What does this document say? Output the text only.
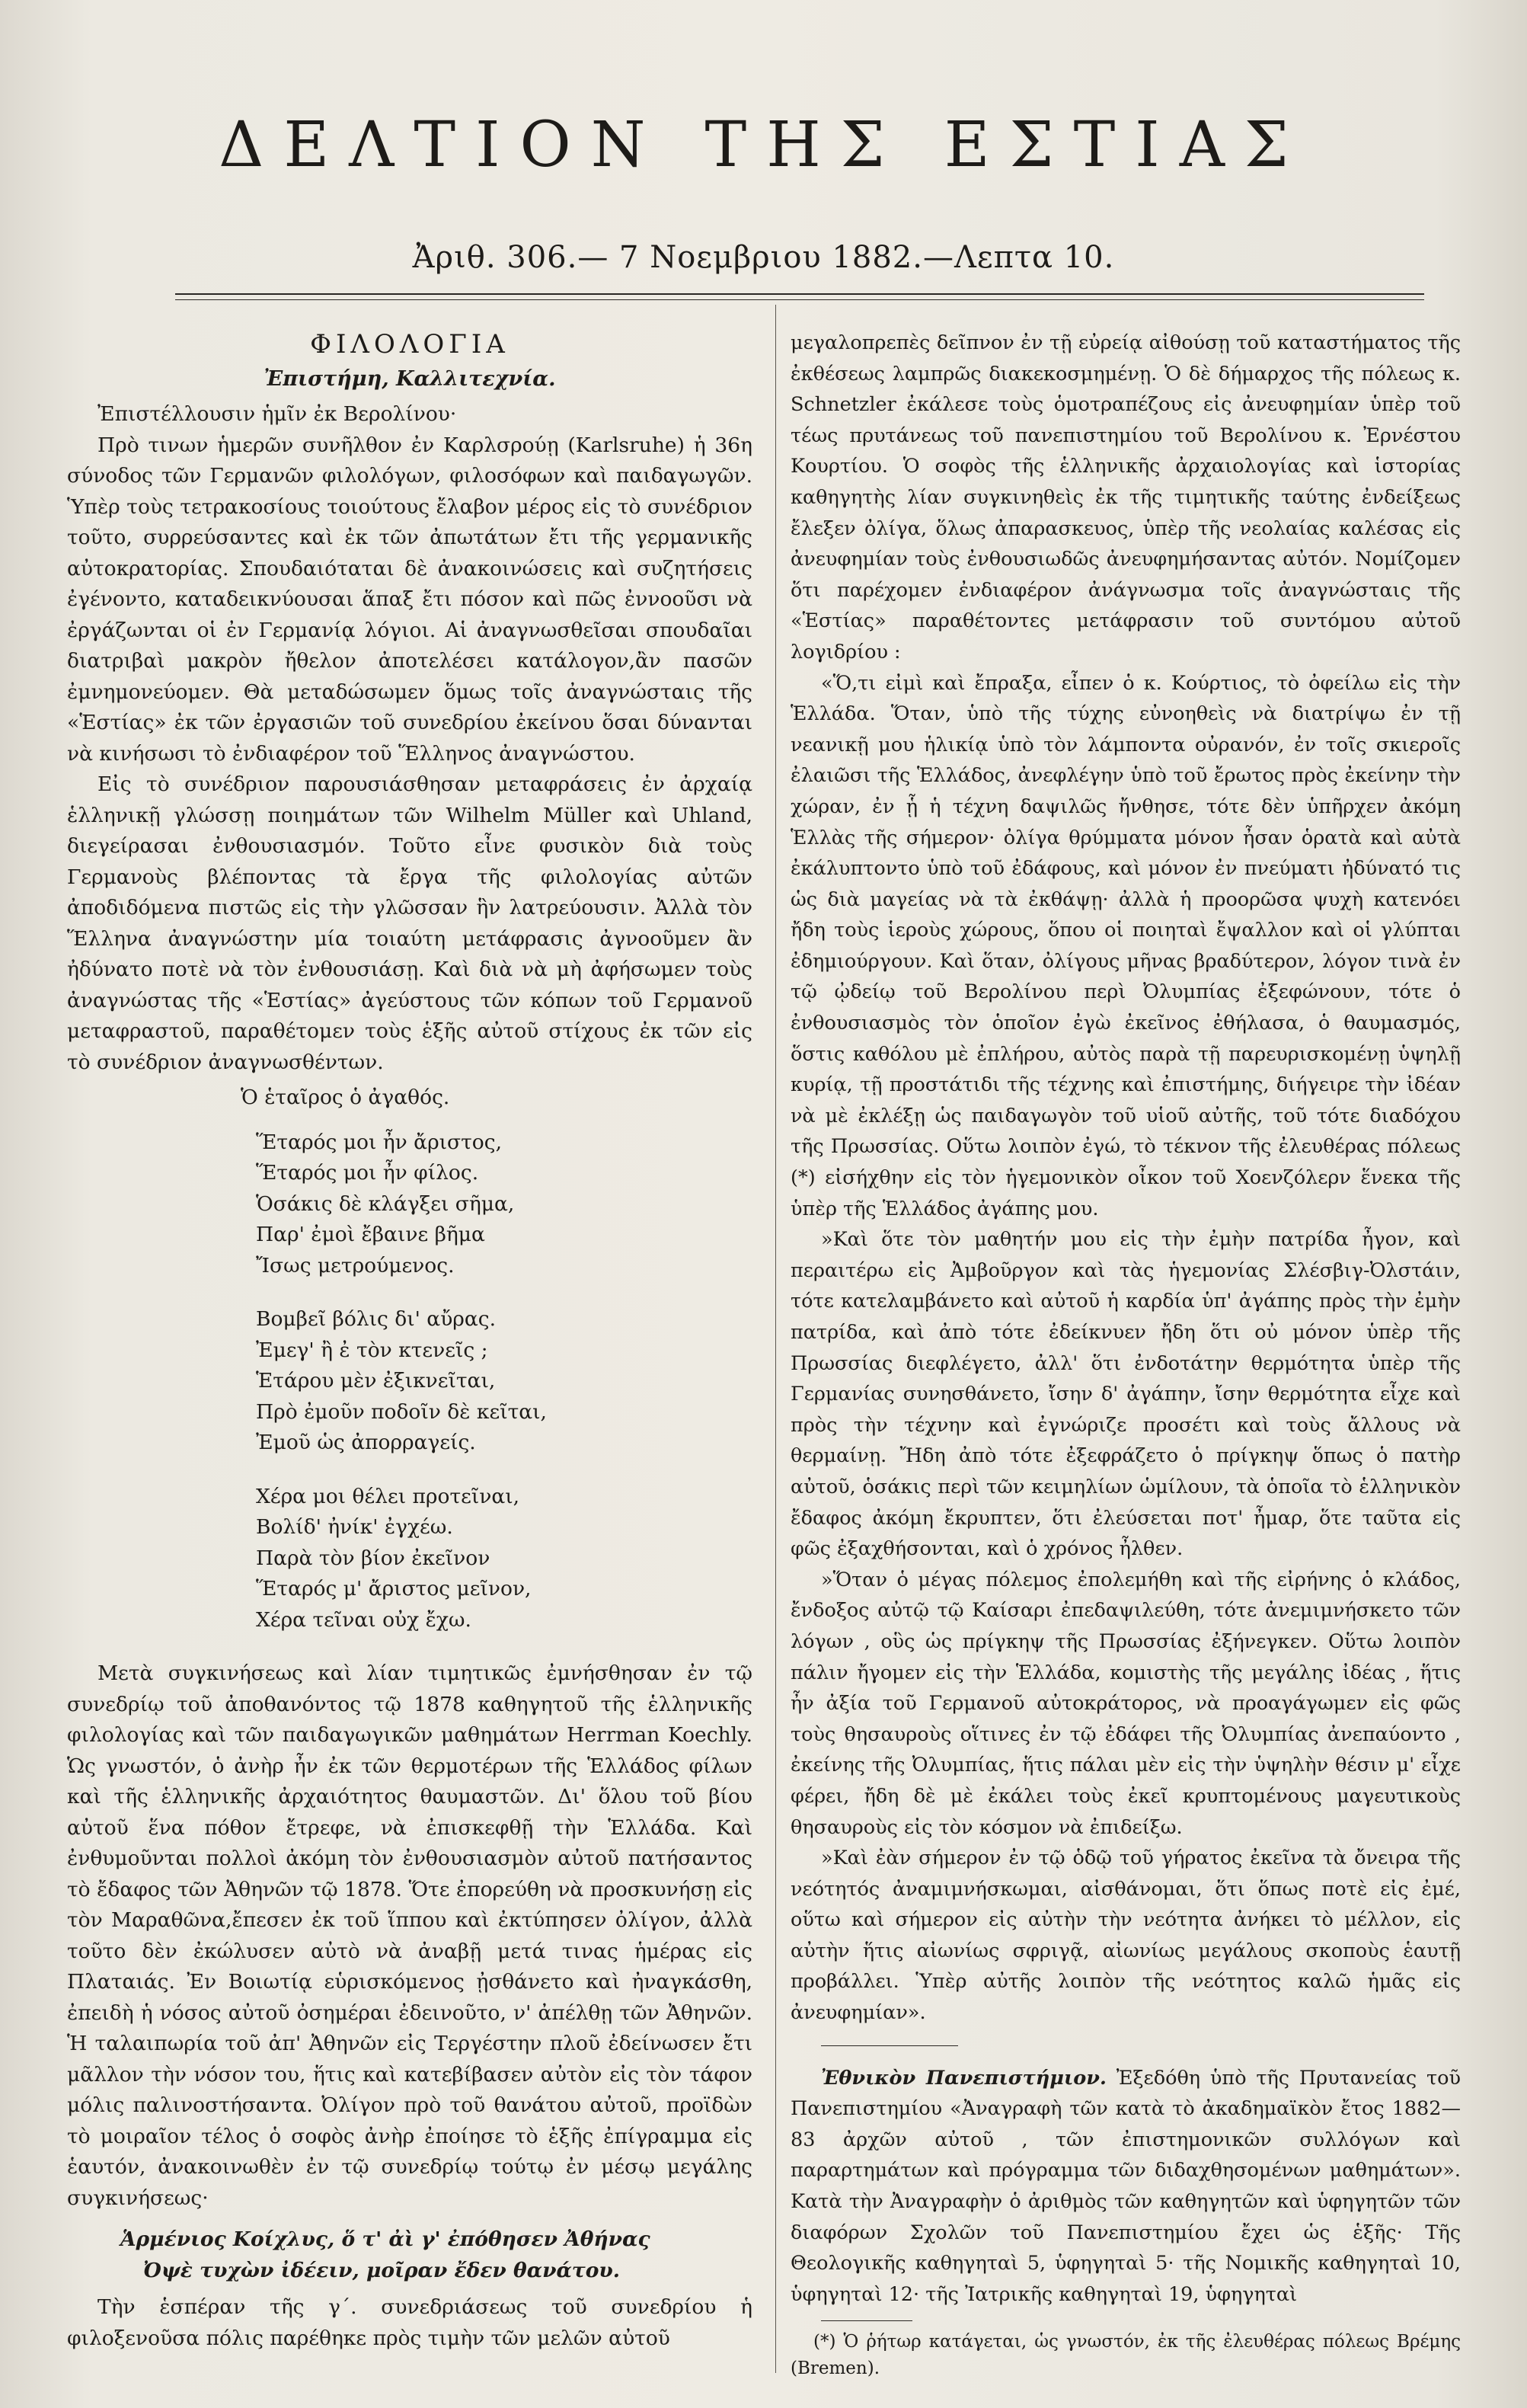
ΔΕΛΤΙΟΝ ΤΗΣ ΕΣΤΙΑΣ
Ἀριθ. 306.— 7 Νοεμβριου 1882.—Λεπτα 10.
ΦΙΛΟΛΟΓΙΑ
Ἐπιστήμη, Καλλιτεχνία.

Ἐπιστέλλουσιν ἡμῖν ἐκ Βερολίνου·

Πρὸ τινων ἡμερῶν συνῆλθον ἐν Καρλσρούῃ (Karlsruhe) ἡ 36η σύνοδος τῶν Γερμανῶν φιλολόγων, φιλοσόφων καὶ παιδαγωγῶν. Ὑπὲρ τοὺς τετρακοσίους τοιούτους ἔλαβον μέρος εἰς τὸ συνέδριον τοῦτο, συρρεύσαντες καὶ ἐκ τῶν ἀπωτάτων ἔτι τῆς γερμανικῆς αὐτοκρατορίας. Σπουδαιόταται δὲ ἀνακοινώσεις καὶ συζητήσεις ἐγένοντο, καταδεικνύουσαι ἅπαξ ἔτι πόσον καὶ πῶς ἐννοοῦσι νὰ ἐργάζωνται οἱ ἐν Γερμανίᾳ λόγιοι. Αἱ ἀναγνωσθεῖσαι σπουδαῖαι διατριβαὶ μακρὸν ἤθελον ἀποτελέσει κατάλογον,ἂν πασῶν ἐμνημονεύομεν. Θὰ μεταδώσωμεν ὅμως τοῖς ἀναγνώσταις τῆς «Ἑστίας» ἐκ τῶν ἐργασιῶν τοῦ συνεδρίου ἐκείνου ὅσαι δύνανται νὰ κινήσωσι τὸ ἐνδιαφέρον τοῦ Ἕλληνος ἀναγνώστου.

Εἰς τὸ συνέδριον παρουσιάσθησαν μεταφράσεις ἐν ἀρχαίᾳ ἑλληνικῇ γλώσσῃ ποιημάτων τῶν Wilhelm Müller καὶ Uhland, διεγείρασαι ἐνθουσιασμόν. Τοῦτο εἶνε φυσικὸν διὰ τοὺς Γερμανοὺς βλέποντας τὰ ἔργα τῆς φιλολογίας αὐτῶν ἀποδιδόμενα πιστῶς εἰς τὴν γλῶσσαν ἣν λατρεύουσιν. Ἀλλὰ τὸν Ἕλληνα ἀναγνώστην μία τοιαύτη μετάφρασις ἀγνοοῦμεν ἂν ἠδύνατο ποτὲ νὰ τὸν ἐνθουσιάσῃ. Καὶ διὰ νὰ μὴ ἀφήσωμεν τοὺς ἀναγνώστας τῆς «Ἑστίας» ἀγεύστους τῶν κόπων τοῦ Γερμανοῦ μεταφραστοῦ, παραθέτομεν τοὺς ἑξῆς αὐτοῦ στίχους ἐκ τῶν εἰς τὸ συνέδριον ἀναγνωσθέντων.

Ὁ ἑταῖρος ὁ ἀγαθός.
Ἕταρός μοι ἦν ἄριστος,
Ἕταρός μοι ἦν φίλος.
Ὁσάκις δὲ κλάγξει σῆμα,
Παρ' ἐμοὶ ἔβαινε βῆμα
Ἴσως μετρούμενος.
Βομβεῖ βόλις δι' αὔρας.
Ἐμεγ' ἢ ἐ τὸν κτενεῖς ;
Ἑτάρου μὲν ἐξικνεῖται,
Πρὸ ἐμοῦν ποδοῖν δὲ κεῖται,
Ἐμοῦ ὡς ἀπορραγείς.
Χέρα μοι θέλει προτεῖναι,
Βολίδ' ἠνίκ' ἐγχέω.
Παρὰ τὸν βίον ἐκεῖνον
Ἕταρός μ' ἄριστος μεῖνον,
Χέρα τεῖναι οὐχ ἔχω.

Μετὰ συγκινήσεως καὶ λίαν τιμητικῶς ἐμνήσθησαν ἐν τῷ συνεδρίῳ τοῦ ἀποθανόντος τῷ 1878 καθηγητοῦ τῆς ἑλληνικῆς φιλολογίας καὶ τῶν παιδαγωγικῶν μαθημάτων Herrman Koechly. Ὡς γνωστόν, ὁ ἀνὴρ ἦν ἐκ τῶν θερμοτέρων τῆς Ἑλλάδος φίλων καὶ τῆς ἑλληνικῆς ἀρχαιότητος θαυμαστῶν. Δι' ὅλου τοῦ βίου αὐτοῦ ἕνα πόθον ἔτρεφε, νὰ ἐπισκεφθῇ τὴν Ἑλλάδα. Καὶ ἐνθυμοῦνται πολλοὶ ἀκόμη τὸν ἐνθουσιασμὸν αὐτοῦ πατήσαντος τὸ ἔδαφος τῶν Ἀθηνῶν τῷ 1878. Ὅτε ἐπορεύθη νὰ προσκυνήσῃ εἰς τὸν Μαραθῶνα,ἔπεσεν ἐκ τοῦ ἵππου καὶ ἐκτύπησεν ὀλίγον, ἀλλὰ τοῦτο δὲν ἐκώλυσεν αὐτὸ νὰ ἀναβῇ μετά τινας ἡμέρας εἰς Πλαταιάς. Ἐν Βοιωτίᾳ εὑρισκόμενος ᾐσθάνετο καὶ ἠναγκάσθη, ἐπειδὴ ἡ νόσος αὐτοῦ ὀσημέραι ἐδεινοῦτο, ν' ἀπέλθῃ τῶν Ἀθηνῶν. Ἡ ταλαιπωρία τοῦ ἀπ' Ἀθηνῶν εἰς Τεργέστην πλοῦ ἐδείνωσεν ἔτι μᾶλλον τὴν νόσον του, ἥτις καὶ κατεβίβασεν αὐτὸν εἰς τὸν τάφον μόλις παλινοστήσαντα. Ὀλίγον πρὸ τοῦ θανάτου αὐτοῦ, προϊδὼν τὸ μοιραῖον τέλος ὁ σοφὸς ἀνὴρ ἐποίησε τὸ ἑξῆς ἐπίγραμμα εἰς ἑαυτόν, ἀνακοινωθὲν ἐν τῷ συνεδρίῳ τούτῳ ἐν μέσῳ μεγάλης συγκινήσεως·

Ἁρμένιος Κοίχλυς, ὅ τ' ἀὶ γ' ἐπόθησεν Ἀθήνας
Ὀψὲ τυχὼν ἰδέειν, μοῖραν ἔδεν θανάτου.

Τὴν ἑσπέραν τῆς γ΄. συνεδριάσεως τοῦ συνεδρίου ἡ φιλοξενοῦσα πόλις παρέθηκε πρὸς τιμὴν τῶν μελῶν αὐτοῦ

μεγαλοπρεπὲς δεῖπνον ἐν τῇ εὐρείᾳ αἰθούσῃ τοῦ καταστήματος τῆς ἐκθέσεως λαμπρῶς διακεκοσμημένῃ. Ὁ δὲ δήμαρχος τῆς πόλεως κ. Schnetzler ἐκάλεσε τοὺς ὁμοτραπέζους εἰς ἀνευφημίαν ὑπὲρ τοῦ τέως πρυτάνεως τοῦ πανεπιστημίου τοῦ Βερολίνου κ. Ἐρνέστου Κουρτίου. Ὁ σοφὸς τῆς ἑλληνικῆς ἀρχαιολογίας καὶ ἱστορίας καθηγητὴς λίαν συγκινηθεὶς ἐκ τῆς τιμητικῆς ταύτης ἐνδείξεως ἔλεξεν ὀλίγα, ὅλως ἀπαρασκευος, ὑπὲρ τῆς νεολαίας καλέσας εἰς ἀνευφημίαν τοὺς ἐνθουσιωδῶς ἀνευφημήσαντας αὐτόν. Νομίζομεν ὅτι παρέχομεν ἐνδιαφέρον ἀνάγνωσμα τοῖς ἀναγνώσταις τῆς «Ἑστίας» παραθέτοντες μετάφρασιν τοῦ συντόμου αὐτοῦ λογιδρίου :

«Ὅ,τι εἰμὶ καὶ ἔπραξα, εἶπεν ὁ κ. Κούρτιος, τὸ ὀφείλω εἰς τὴν Ἑλλάδα. Ὅταν, ὑπὸ τῆς τύχης εὐνοηθεὶς νὰ διατρίψω ἐν τῇ νεανικῇ μου ἡλικίᾳ ὑπὸ τὸν λάμποντα οὐρανόν, ἐν τοῖς σκιεροῖς ἐλαιῶσι τῆς Ἑλλάδος, ἀνεφλέγην ὑπὸ τοῦ ἔρωτος πρὸς ἐκείνην τὴν χώραν, ἐν ᾗ ἡ τέχνη δαψιλῶς ἤνθησε, τότε δὲν ὑπῆρχεν ἀκόμη Ἑλλὰς τῆς σήμερον· ὀλίγα θρύμματα μόνον ἦσαν ὁρατὰ καὶ αὐτὰ ἐκάλυπτοντο ὑπὸ τοῦ ἐδάφους, καὶ μόνον ἐν πνεύματι ἠδύνατό τις ὡς διὰ μαγείας νὰ τὰ ἐκθάψῃ· ἀλλὰ ἡ προορῶσα ψυχὴ κατενόει ἤδη τοὺς ἱεροὺς χώρους, ὅπου οἱ ποιηταὶ ἔψαλλον καὶ οἱ γλύπται ἐδημιούργουν. Καὶ ὅταν, ὀλίγους μῆνας βραδύτερον, λόγον τινὰ ἐν τῷ ᾠδείῳ τοῦ Βερολίνου περὶ Ὀλυμπίας ἐξεφώνουν, τότε ὁ ἐνθουσιασμὸς τὸν ὁποῖον ἐγὼ ἐκεῖνος ἐθήλασα, ὁ θαυμασμός, ὅστις καθόλου μὲ ἐπλήρου, αὐτὸς παρὰ τῇ παρευρισκομένῃ ὑψηλῇ κυρίᾳ, τῇ προστάτιδι τῆς τέχνης καὶ ἐπιστήμης, διήγειρε τὴν ἰδέαν νὰ μὲ ἐκλέξῃ ὡς παιδαγωγὸν τοῦ υἱοῦ αὐτῆς, τοῦ τότε διαδόχου τῆς Πρωσσίας. Οὕτω λοιπὸν ἐγώ, τὸ τέκνον τῆς ἐλευθέρας πόλεως (*) εἰσήχθην εἰς τὸν ἡγεμονικὸν οἶκον τοῦ Χοενζόλερν ἕνεκα τῆς ὑπὲρ τῆς Ἑλλάδος ἀγάπης μου.

»Καὶ ὅτε τὸν μαθητήν μου εἰς τὴν ἐμὴν πατρίδα ἦγον, καὶ περαιτέρω εἰς Ἀμβοῦργον καὶ τὰς ἡγεμονίας Σλέσβιγ-Ὀλστάιν, τότε κατελαμβάνετο καὶ αὐτοῦ ἡ καρδία ὑπ' ἀγάπης πρὸς τὴν ἐμὴν πατρίδα, καὶ ἀπὸ τότε ἐδείκνυεν ἤδη ὅτι οὐ μόνον ὑπὲρ τῆς Πρωσσίας διεφλέγετο, ἀλλ' ὅτι ἐνδοτάτην θερμότητα ὑπὲρ τῆς Γερμανίας συνησθάνετο, ἴσην δ' ἀγάπην, ἴσην θερμότητα εἶχε καὶ πρὸς τὴν τέχνην καὶ ἐγνώριζε προσέτι καὶ τοὺς ἄλλους νὰ θερμαίνῃ. Ἤδη ἀπὸ τότε ἐξεφράζετο ὁ πρίγκηψ ὅπως ὁ πατὴρ αὐτοῦ, ὁσάκις περὶ τῶν κειμηλίων ὡμίλουν, τὰ ὁποῖα τὸ ἑλληνικὸν ἔδαφος ἀκόμη ἔκρυπτεν, ὅτι ἐλεύσεται ποτ' ἦμαρ, ὅτε ταῦτα εἰς φῶς ἐξαχθήσονται, καὶ ὁ χρόνος ἦλθεν.

»Ὅταν ὁ μέγας πόλεμος ἐπολεμήθη καὶ τῆς εἰρήνης ὁ κλάδος, ἔνδοξος αὐτῷ τῷ Καίσαρι ἐπεδαψιλεύθη, τότε ἀνεμιμνήσκετο τῶν λόγων , οὓς ὡς πρίγκηψ τῆς Πρωσσίας ἐξήνεγκεν. Οὕτω λοιπὸν πάλιν ἤγομεν εἰς τὴν Ἑλλάδα, κομιστὴς τῆς μεγάλης ἰδέας , ἥτις ἦν ἀξία τοῦ Γερμανοῦ αὐτοκράτορος, νὰ προαγάγωμεν εἰς φῶς τοὺς θησαυροὺς οἵτινες ἐν τῷ ἐδάφει τῆς Ὀλυμπίας ἀνεπαύοντο , ἐκείνης τῆς Ὀλυμπίας, ἥτις πάλαι μὲν εἰς τὴν ὑψηλὴν θέσιν μ' εἶχε φέρει, ἤδη δὲ μὲ ἐκάλει τοὺς ἐκεῖ κρυπτομένους μαγευτικοὺς θησαυροὺς εἰς τὸν κόσμον νὰ ἐπιδείξω.

»Καὶ ἐὰν σήμερον ἐν τῷ ὁδῷ τοῦ γήρατος ἐκεῖνα τὰ ὄνειρα τῆς νεότητός ἀναμιμνήσκωμαι, αἰσθάνομαι, ὅτι ὅπως ποτὲ εἰς ἐμέ, οὕτω καὶ σήμερον εἰς αὐτὴν τὴν νεότητα ἀνήκει τὸ μέλλον, εἰς αὐτὴν ἥτις αἰωνίως σφριγᾷ, αἰωνίως μεγάλους σκοποὺς ἑαυτῇ προβάλλει. Ὑπὲρ αὐτῆς λοιπὸν τῆς νεότητος καλῶ ἡμᾶς εἰς ἀνευφημίαν».

Ἐθνικὸν Πανεπιστήμιον. Ἐξεδόθη ὑπὸ τῆς Πρυτανείας τοῦ Πανεπιστημίου «Ἀναγραφὴ τῶν κατὰ τὸ ἀκαδημαϊκὸν ἔτος 1882—83 ἀρχῶν αὐτοῦ , τῶν ἐπιστημονικῶν συλλόγων καὶ παραρτημάτων καὶ πρόγραμμα τῶν διδαχθησομένων μαθημάτων». Κατὰ τὴν Ἀναγραφὴν ὁ ἀριθμὸς τῶν καθηγητῶν καὶ ὑφηγητῶν τῶν διαφόρων Σχολῶν τοῦ Πανεπιστημίου ἔχει ὡς ἑξῆς· Τῆς Θεολογικῆς καθηγηταὶ 5, ὑφηγηταὶ 5· τῆς Νομικῆς καθηγηταὶ 10, ὑφηγηταὶ 12· τῆς Ἰατρικῆς καθηγηταὶ 19, ὑφηγηταὶ

(*) Ὁ ῥήτωρ κατάγεται, ὡς γνωστόν, ἐκ τῆς ἐλευθέρας πόλεως Βρέμης (Bremen).
